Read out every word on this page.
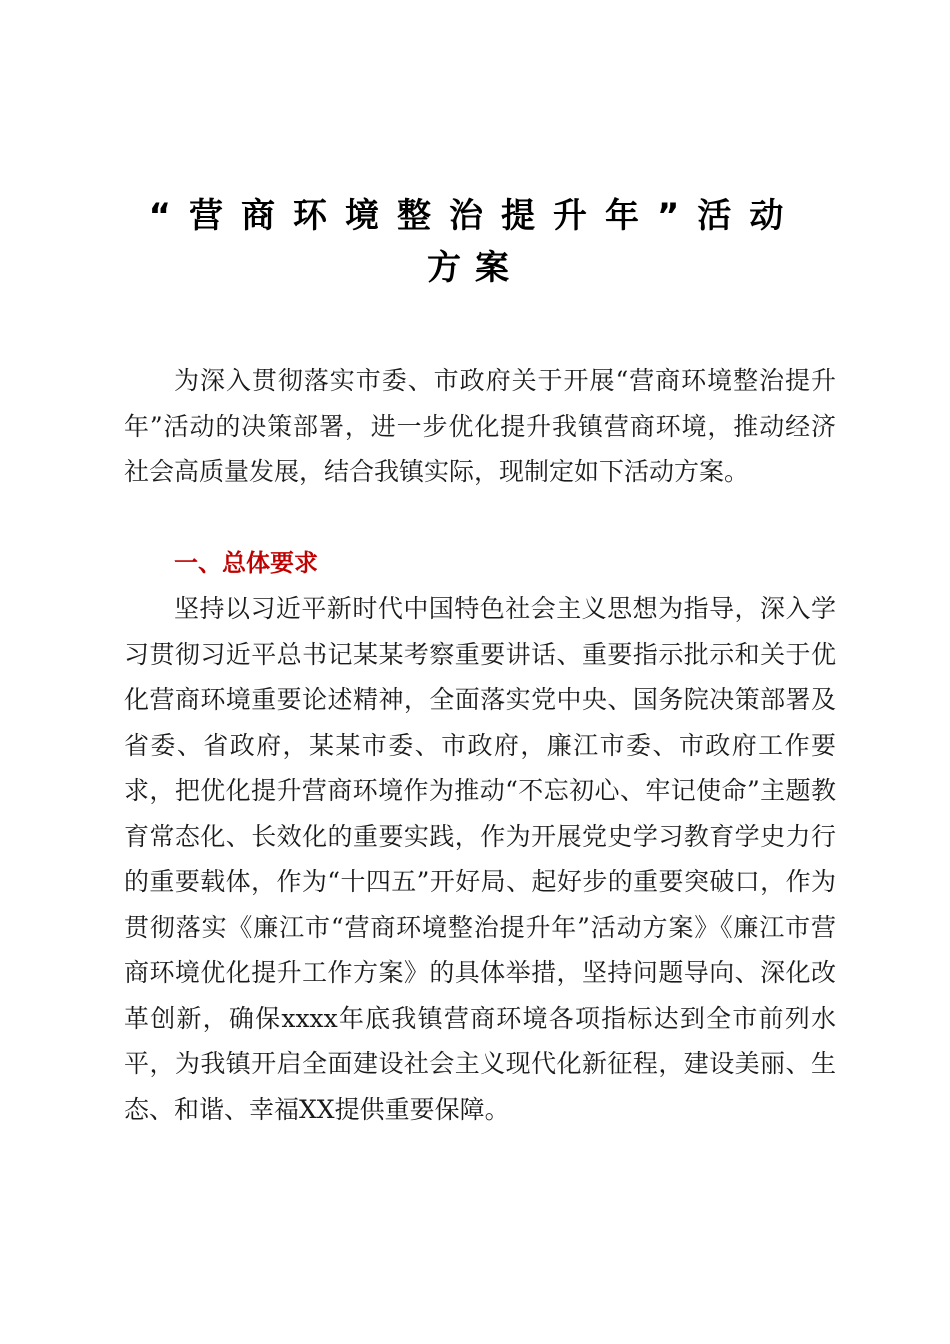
“营商环境整治提升年”活动
方案

为深入贯彻落实市委、市政府关于开展“营商环境整治提升年”活动的决策部署，进一步优化提升我镇营商环境，推动经济社会高质量发展，结合我镇实际，现制定如下活动方案。

一、总体要求

坚持以习近平新时代中国特色社会主义思想为指导，深入学习贯彻习近平总书记某某考察重要讲话、重要指示批示和关于优化营商环境重要论述精神，全面落实党中央、国务院决策部署及省委、省政府，某某市委、市政府，廉江市委、市政府工作要求，把优化提升营商环境作为推动“不忘初心、牢记使命”主题教育常态化、长效化的重要实践，作为开展党史学习教育学史力行的重要载体，作为“十四五”开好局、起好步的重要突破口，作为贯彻落实《廉江市“营商环境整治提升年”活动方案》《廉江市营商环境优化提升工作方案》的具体举措，坚持问题导向、深化改革创新，确保xxxx年底我镇营商环境各项指标达到全市前列水平，为我镇开启全面建设社会主义现代化新征程，建设美丽、生态、和谐、幸福XX提供重要保障。
